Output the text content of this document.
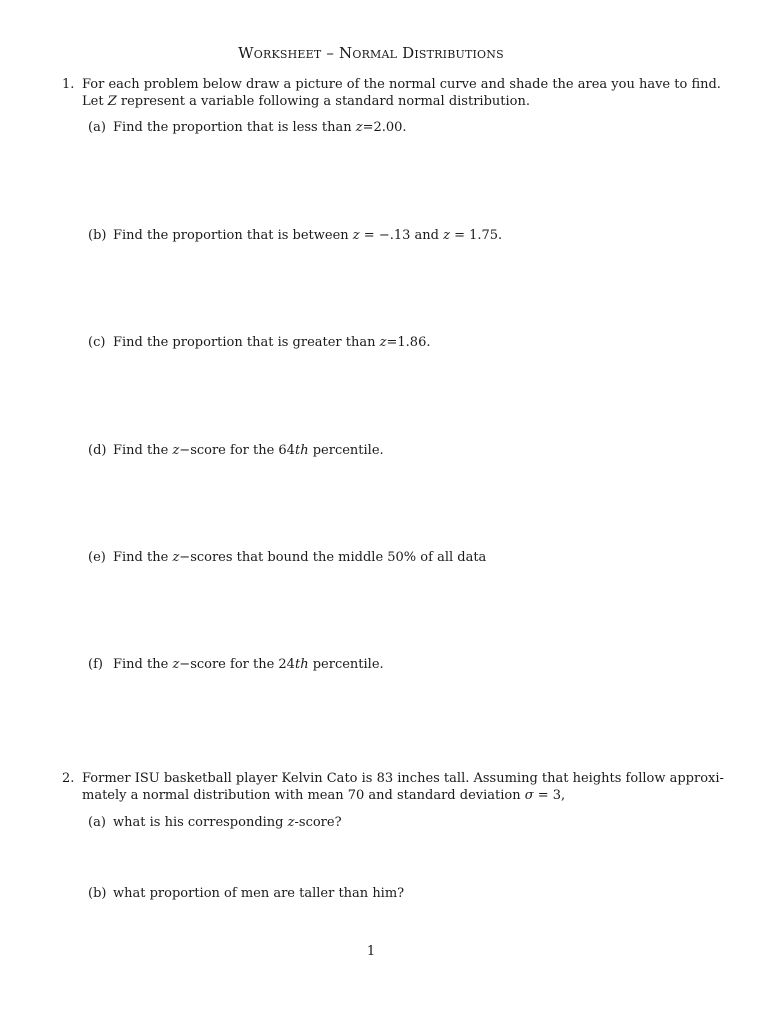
Worksheet – Normal Distributions
1. For each problem below draw a picture of the normal curve and shade the area you have to find.
Let Z represent a variable following a standard normal distribution.
(a) Find the proportion that is less than z=2.00.
(b) Find the proportion that is between z = −.13 and z = 1.75.
(c) Find the proportion that is greater than z=1.86.
(d) Find the z−score for the 64th percentile.
(e) Find the z−scores that bound the middle 50% of all data
(f) Find the z−score for the 24th percentile.
2. Former ISU basketball player Kelvin Cato is 83 inches tall. Assuming that heights follow approxi-
mately a normal distribution with mean 70 and standard deviation σ = 3,
(a) what is his corresponding z-score?
(b) what proportion of men are taller than him?
1
